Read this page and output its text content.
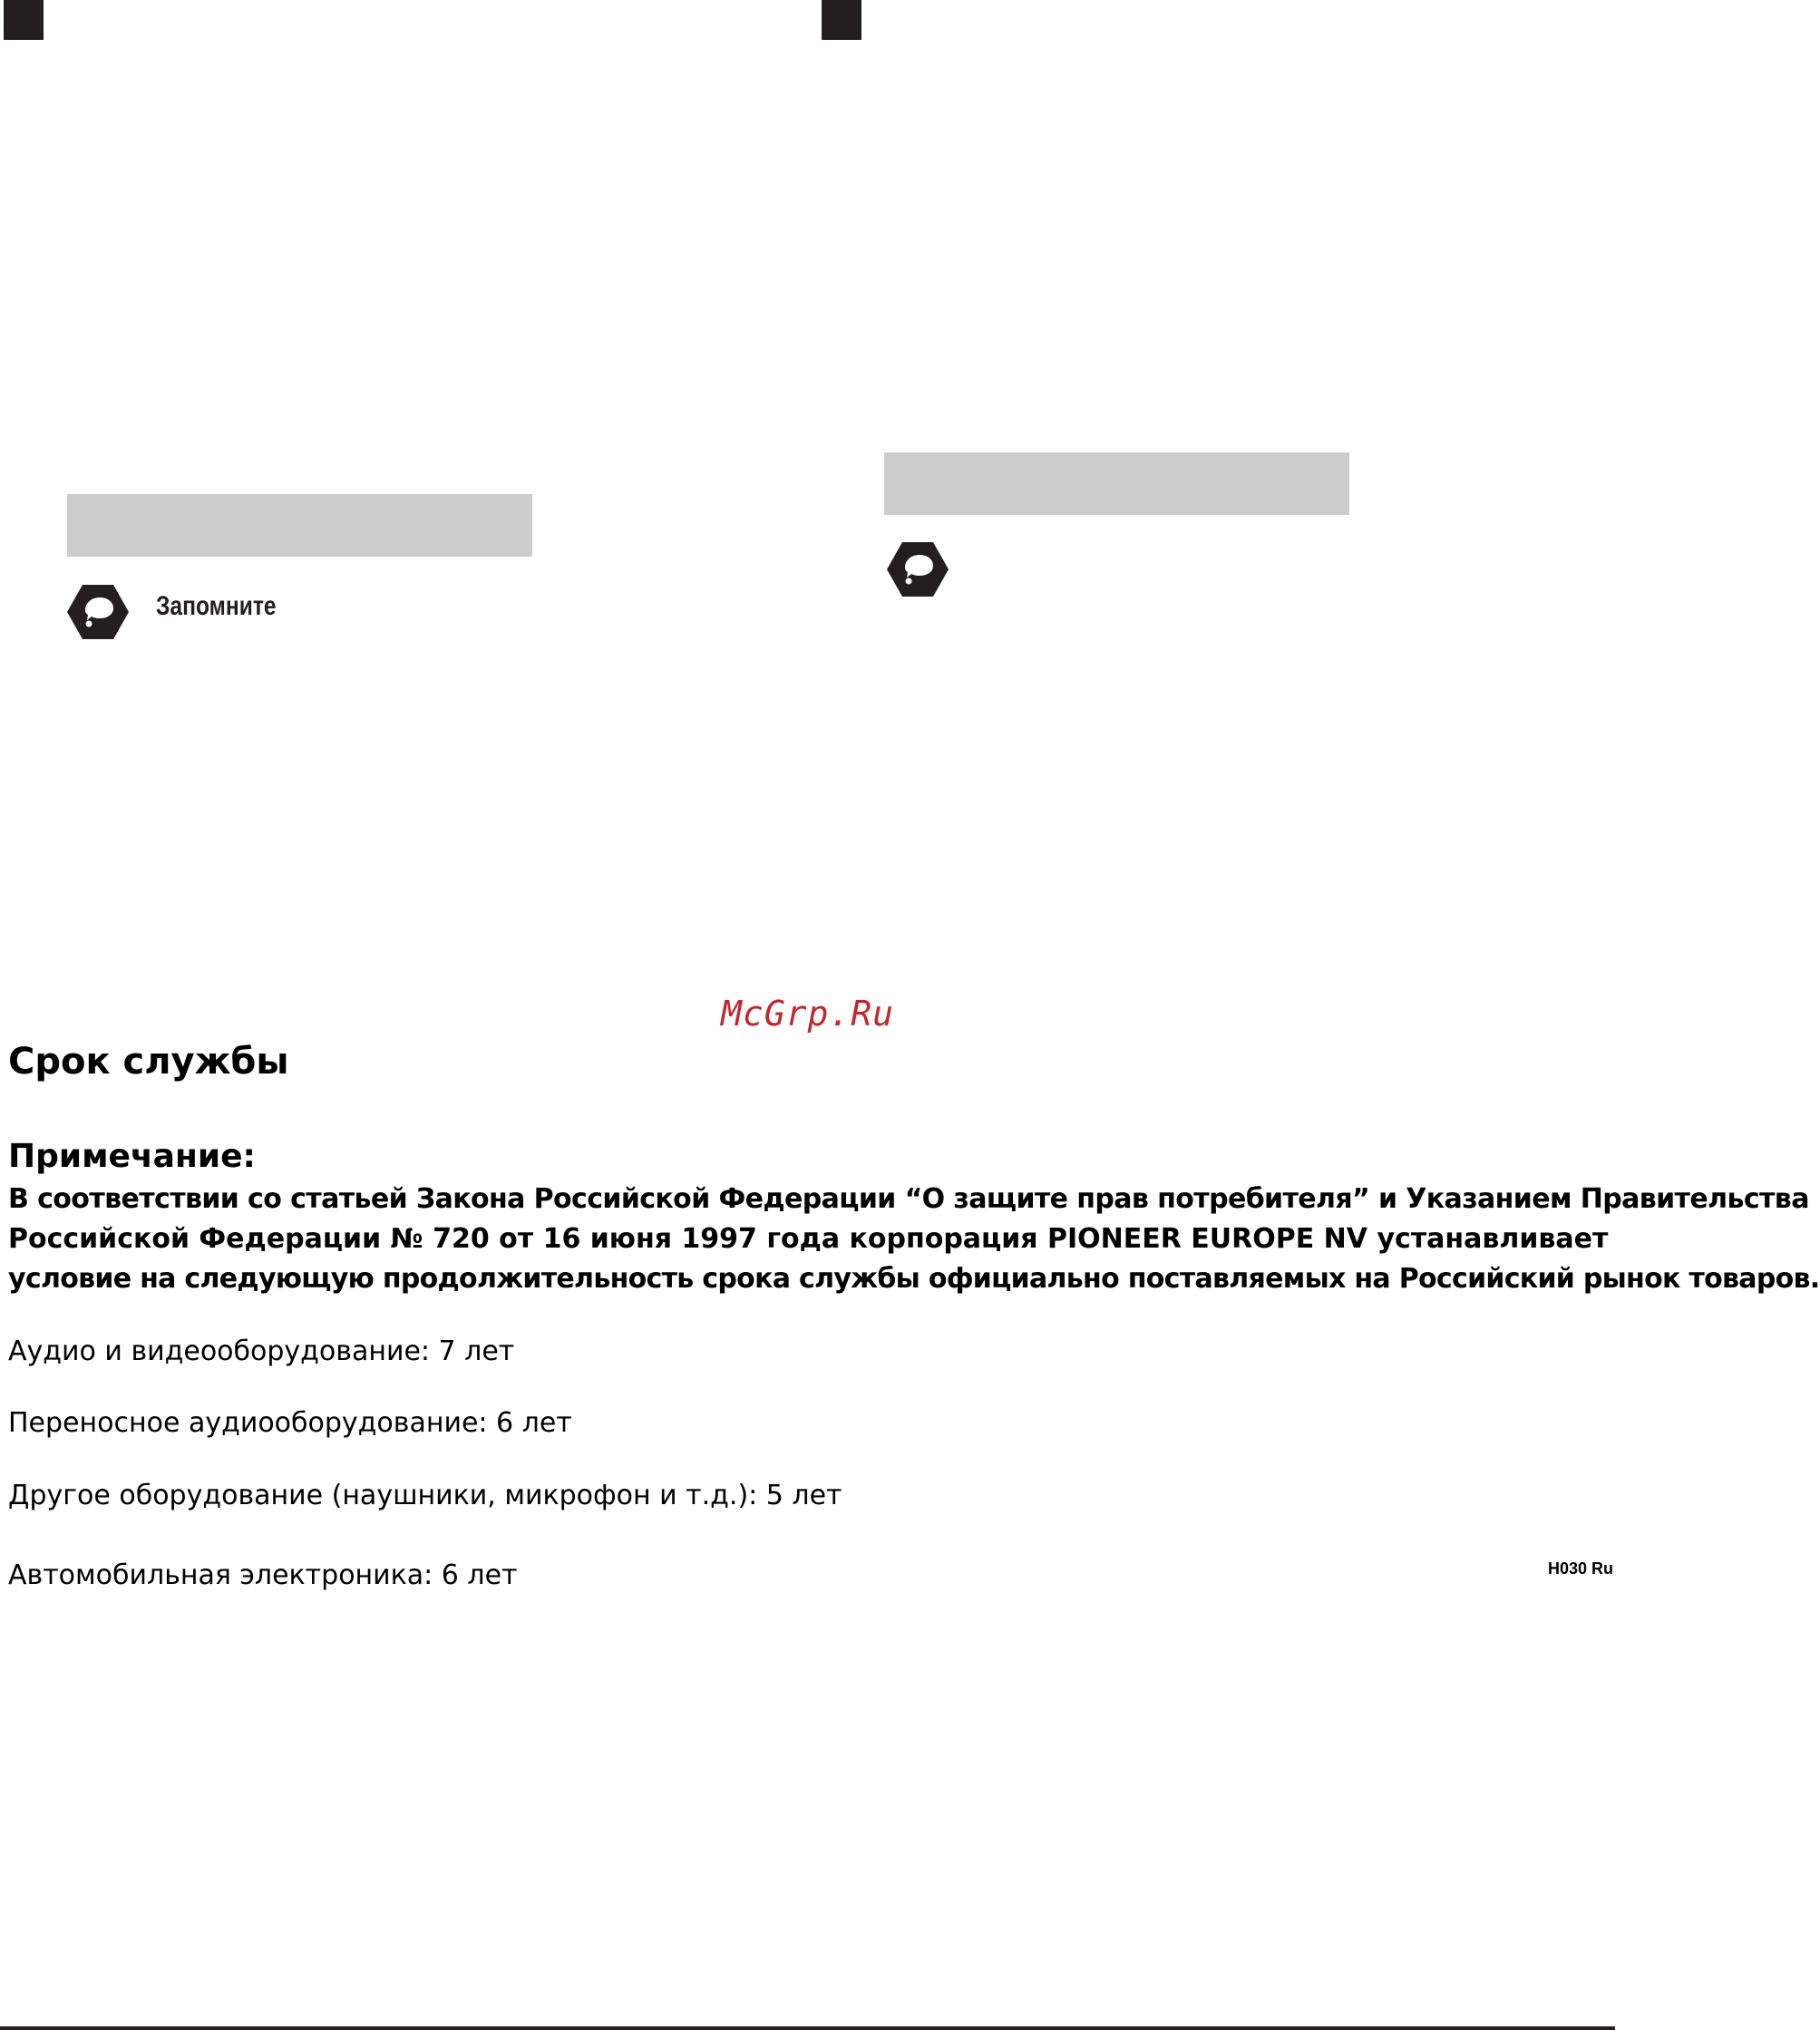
Запомните
McGrp.Ru
Срок службы
Примечание:
В соответствии со статьей Закона Российской Федерации “О защите прав потребителя” и Указанием Правительства
Российской Федерации № 720 от 16 июня 1997 года корпорация PIONEER EUROPE NV устанавливает
условие на следующую продолжительность срока службы официально поставляемых на Российский рынок товаров.
Аудио и видеооборудование: 7 лет
Переносное аудиооборудование: 6 лет
Другое оборудование (наушники, микрофон и т.д.): 5 лет
Автомобильная электроника: 6 лет	H030 Ru
